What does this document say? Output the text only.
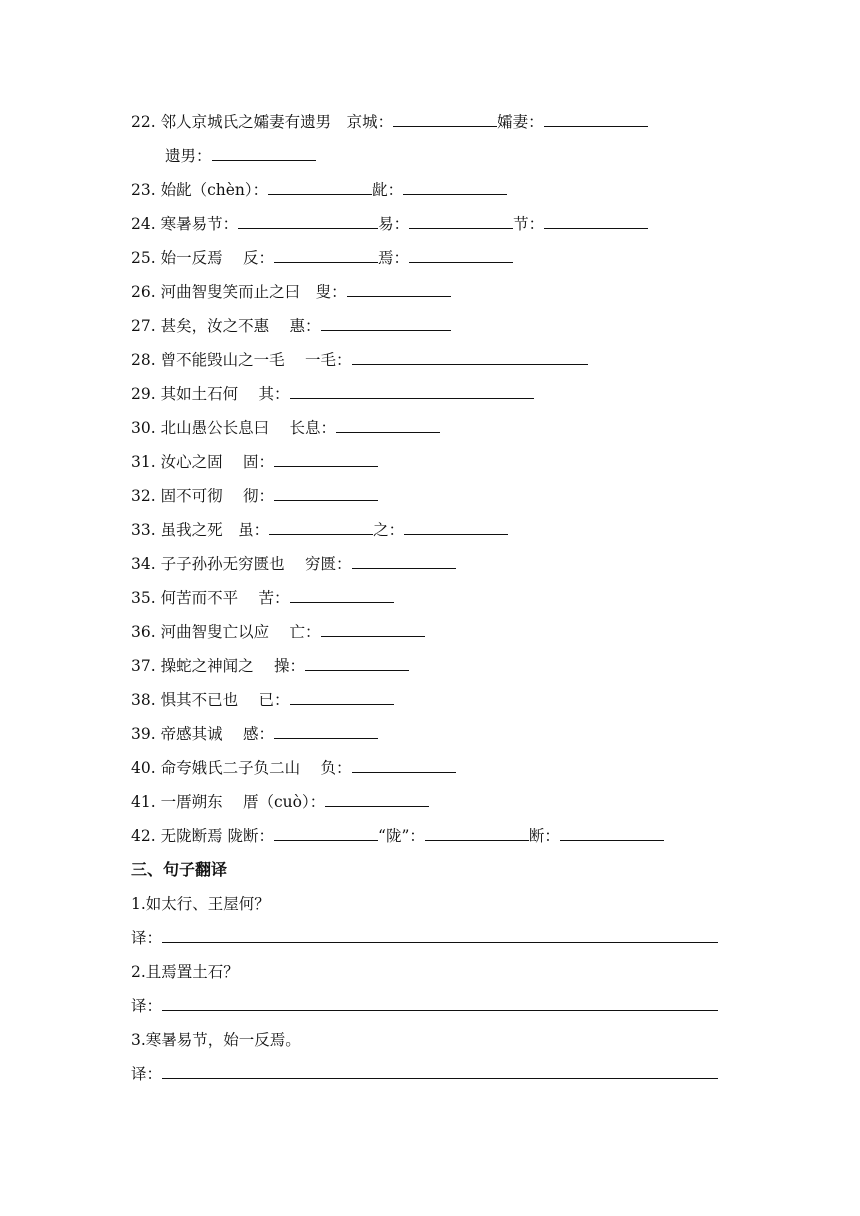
22. 邻人京城氏之孀妻有遗男　京城：	孀妻：
遗男：
23. 始龀（chèn）：	龀：
24. 寒暑易节：	易：	节：
25. 始一反焉　 反：	焉：
26. 河曲智叟笑而止之曰　叟：
27. 甚矣，汝之不惠　 惠：
28. 曾不能毁山之一毛　 一毛：
29. 其如土石何　 其：
30. 北山愚公长息曰　 长息：
31. 汝心之固　 固：
32. 固不可彻　 彻：
33. 虽我之死　虽：	之：
34. 子子孙孙无穷匮也　 穷匮：
35. 何苦而不平　 苦：
36. 河曲智叟亡以应　 亡：
37. 操蛇之神闻之　 操：
38. 惧其不已也　 已：
39. 帝感其诚　 感：
40. 命夸娥氏二子负二山　 负：
41. 一厝朔东　 厝（cuò）：
42. 无陇断焉 陇断：	“陇”：	断：
三、句子翻译
1.如太行、王屋何？
译：
2.且焉置土石？
译：
3.寒暑易节，始一反焉。
译：
